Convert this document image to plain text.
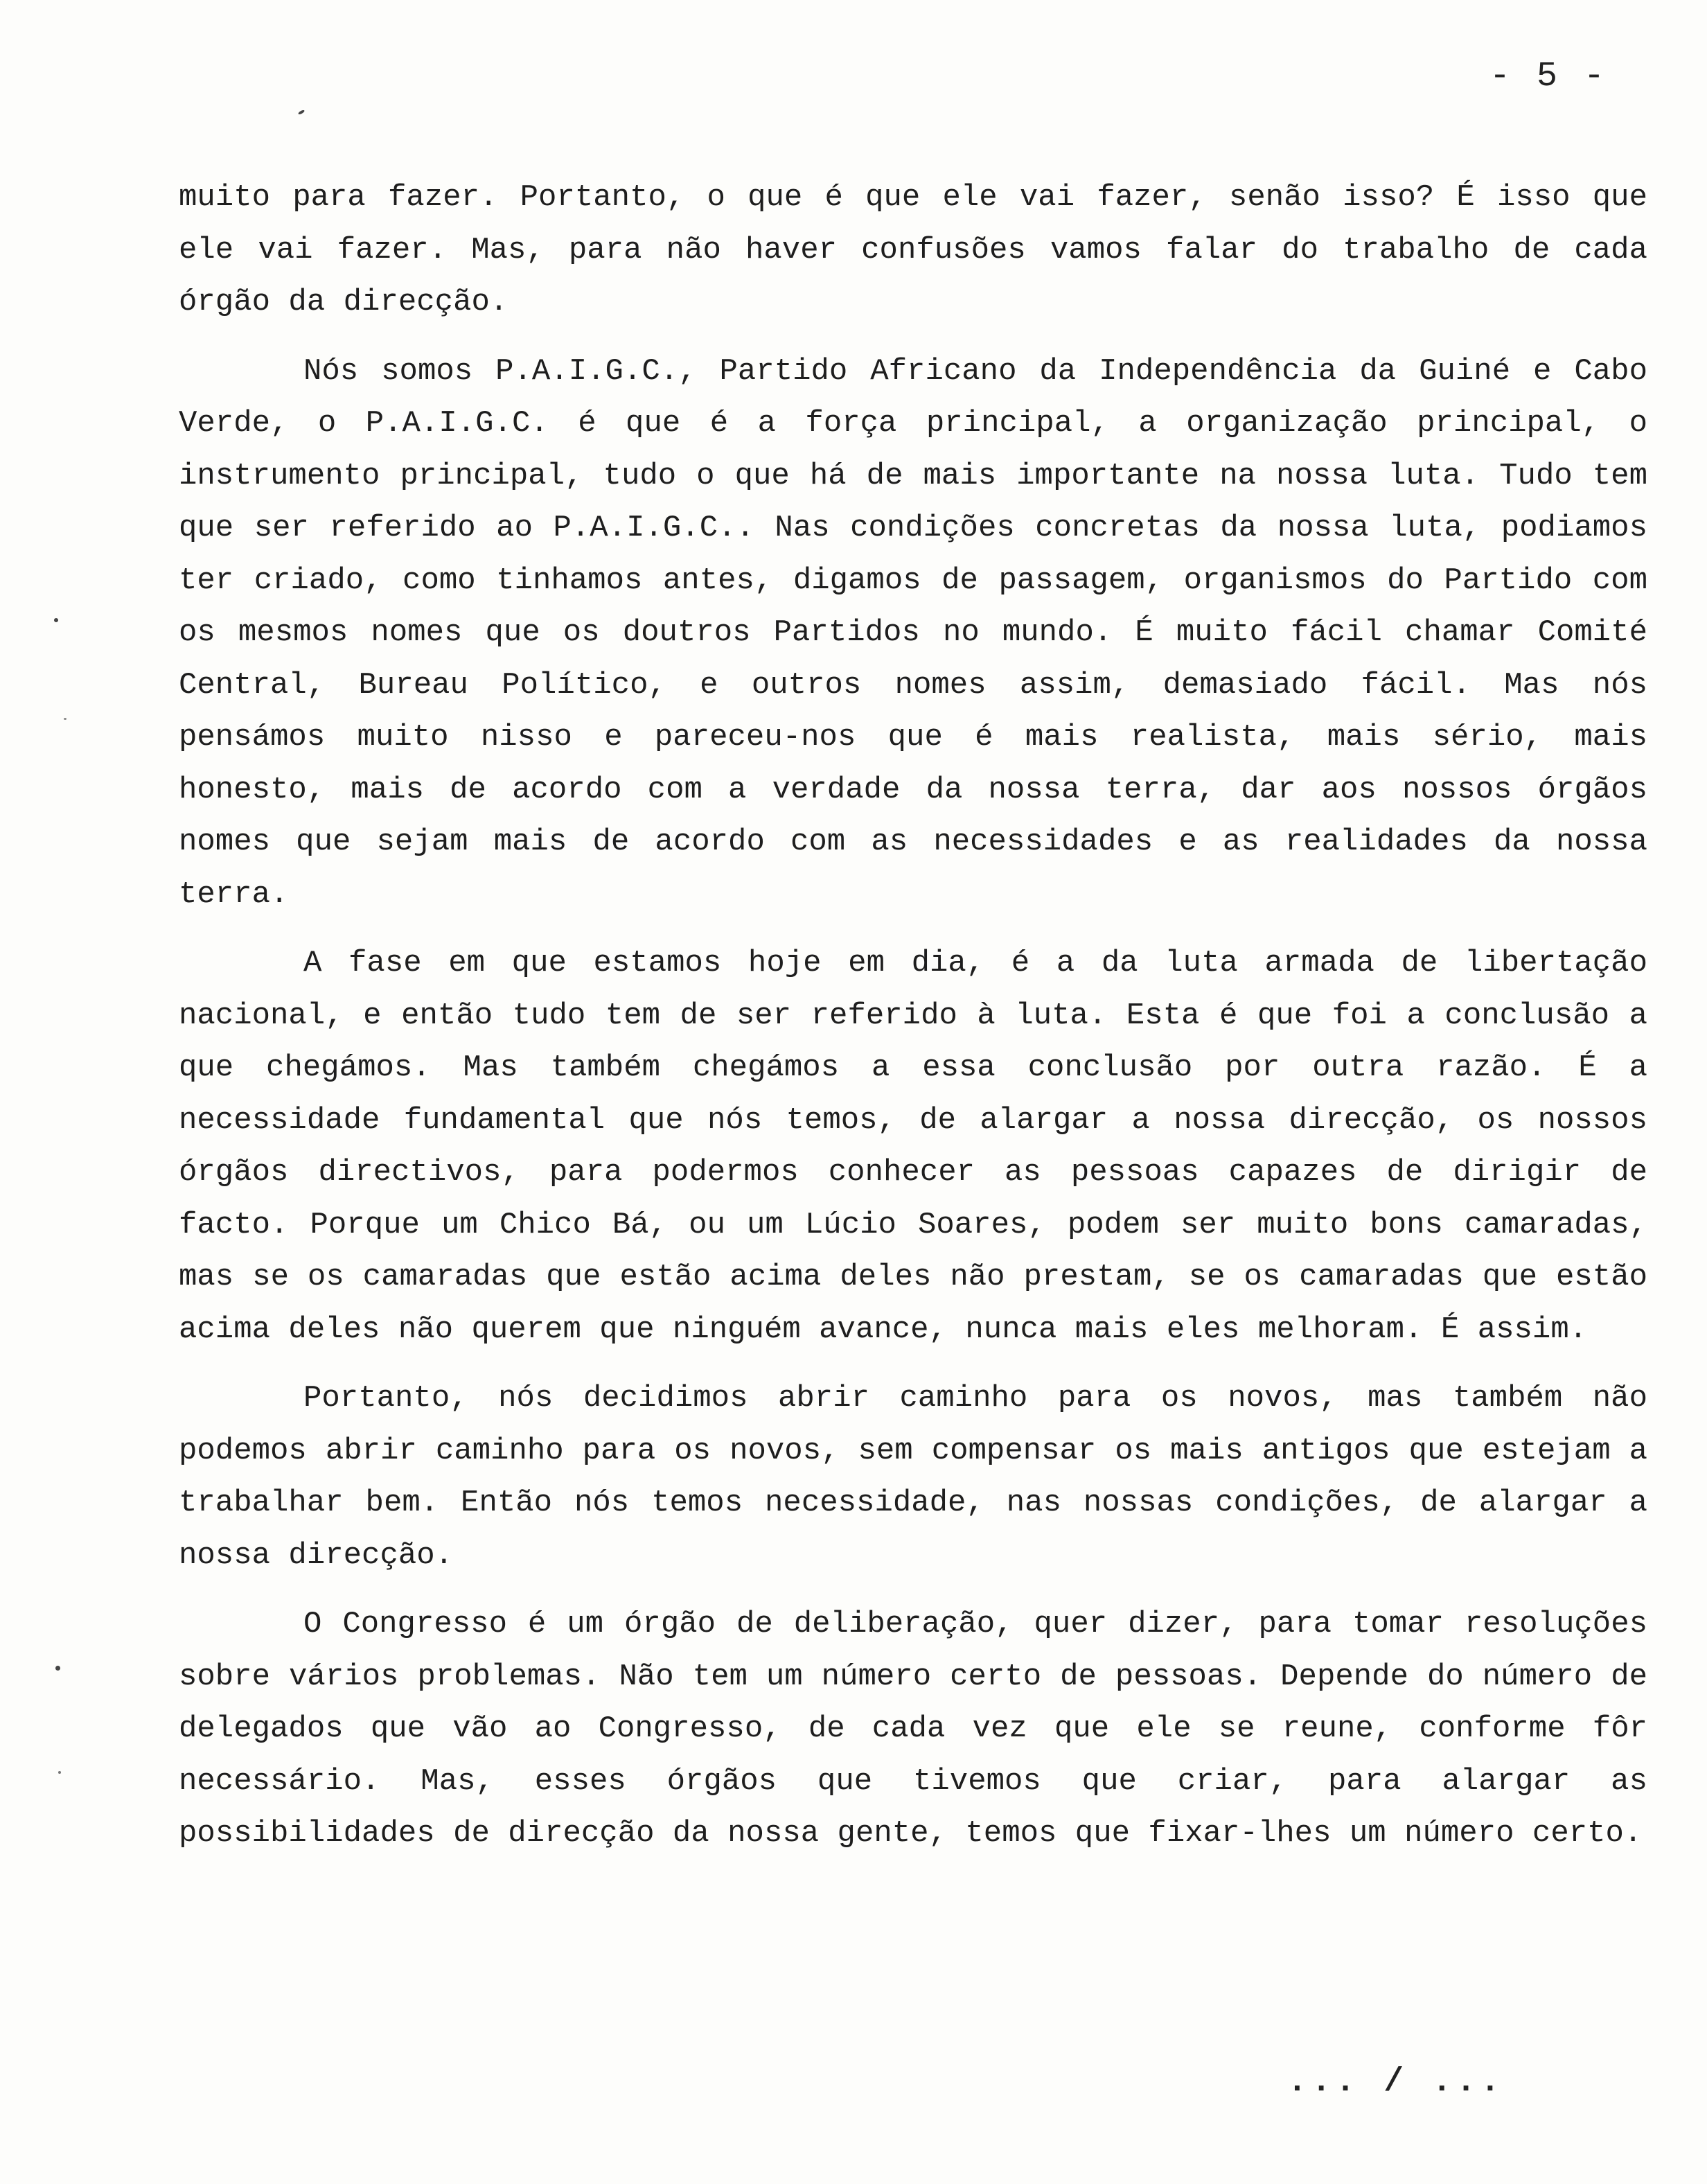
- 5 -

muito para fazer. Portanto, o que é que ele vai fazer, senão isso? É isso que ele vai fazer. Mas, para não haver confusões vamos falar do trabalho de cada órgão da direcção.

Nós somos P.A.I.G.C., Partido Africano da Independência da Guiné e Cabo Verde, o P.A.I.G.C. é que é a força principal, a organização principal, o instrumento principal, tudo o que há de mais importante na nossa luta. Tudo tem que ser referido ao P.A.I.G.C.. Nas condições concretas da nossa luta, podiamos ter criado, como tinhamos antes, digamos de passagem, organismos do Partido com os mesmos nomes que os doutros Partidos no mundo. É muito fácil chamar Comité Central, Bureau Político, e outros nomes assim, demasiado fácil. Mas nós pensámos muito nisso e pareceu-nos que é mais realista, mais sério, mais honesto, mais de acordo com a verdade da nossa terra, dar aos nossos órgãos nomes que sejam mais de acordo com as necessidades e as realidades da nossa terra.

A fase em que estamos hoje em dia, é a da luta armada de libertação nacional, e então tudo tem de ser referido à luta. Esta é que foi a conclusão a que chegámos. Mas também chegámos a essa conclusão por outra razão. É a necessidade fundamental que nós temos, de alargar a nossa direcção, os nossos órgãos directivos, para podermos conhecer as pessoas capazes de dirigir de facto. Porque um Chico Bá, ou um Lúcio Soares, podem ser muito bons camaradas, mas se os camaradas que estão acima deles não prestam, se os camaradas que estão acima deles não querem que ninguém avance, nunca mais eles melhoram. É assim.

Portanto, nós decidimos abrir caminho para os novos, mas também não podemos abrir caminho para os novos, sem compensar os mais antigos que estejam a trabalhar bem. Então nós temos necessidade, nas nossas condições, de alargar a nossa direcção.

O Congresso é um órgão de deliberação, quer dizer, para tomar resoluções sobre vários problemas. Não tem um número certo de pessoas. Depende do número de delegados que vão ao Congresso, de cada vez que ele se reune, conforme fôr necessário. Mas, esses órgãos que tivemos que criar, para alargar as possibilidades de direcção da nossa gente, temos que fixar-lhes um número certo.

... / ...
